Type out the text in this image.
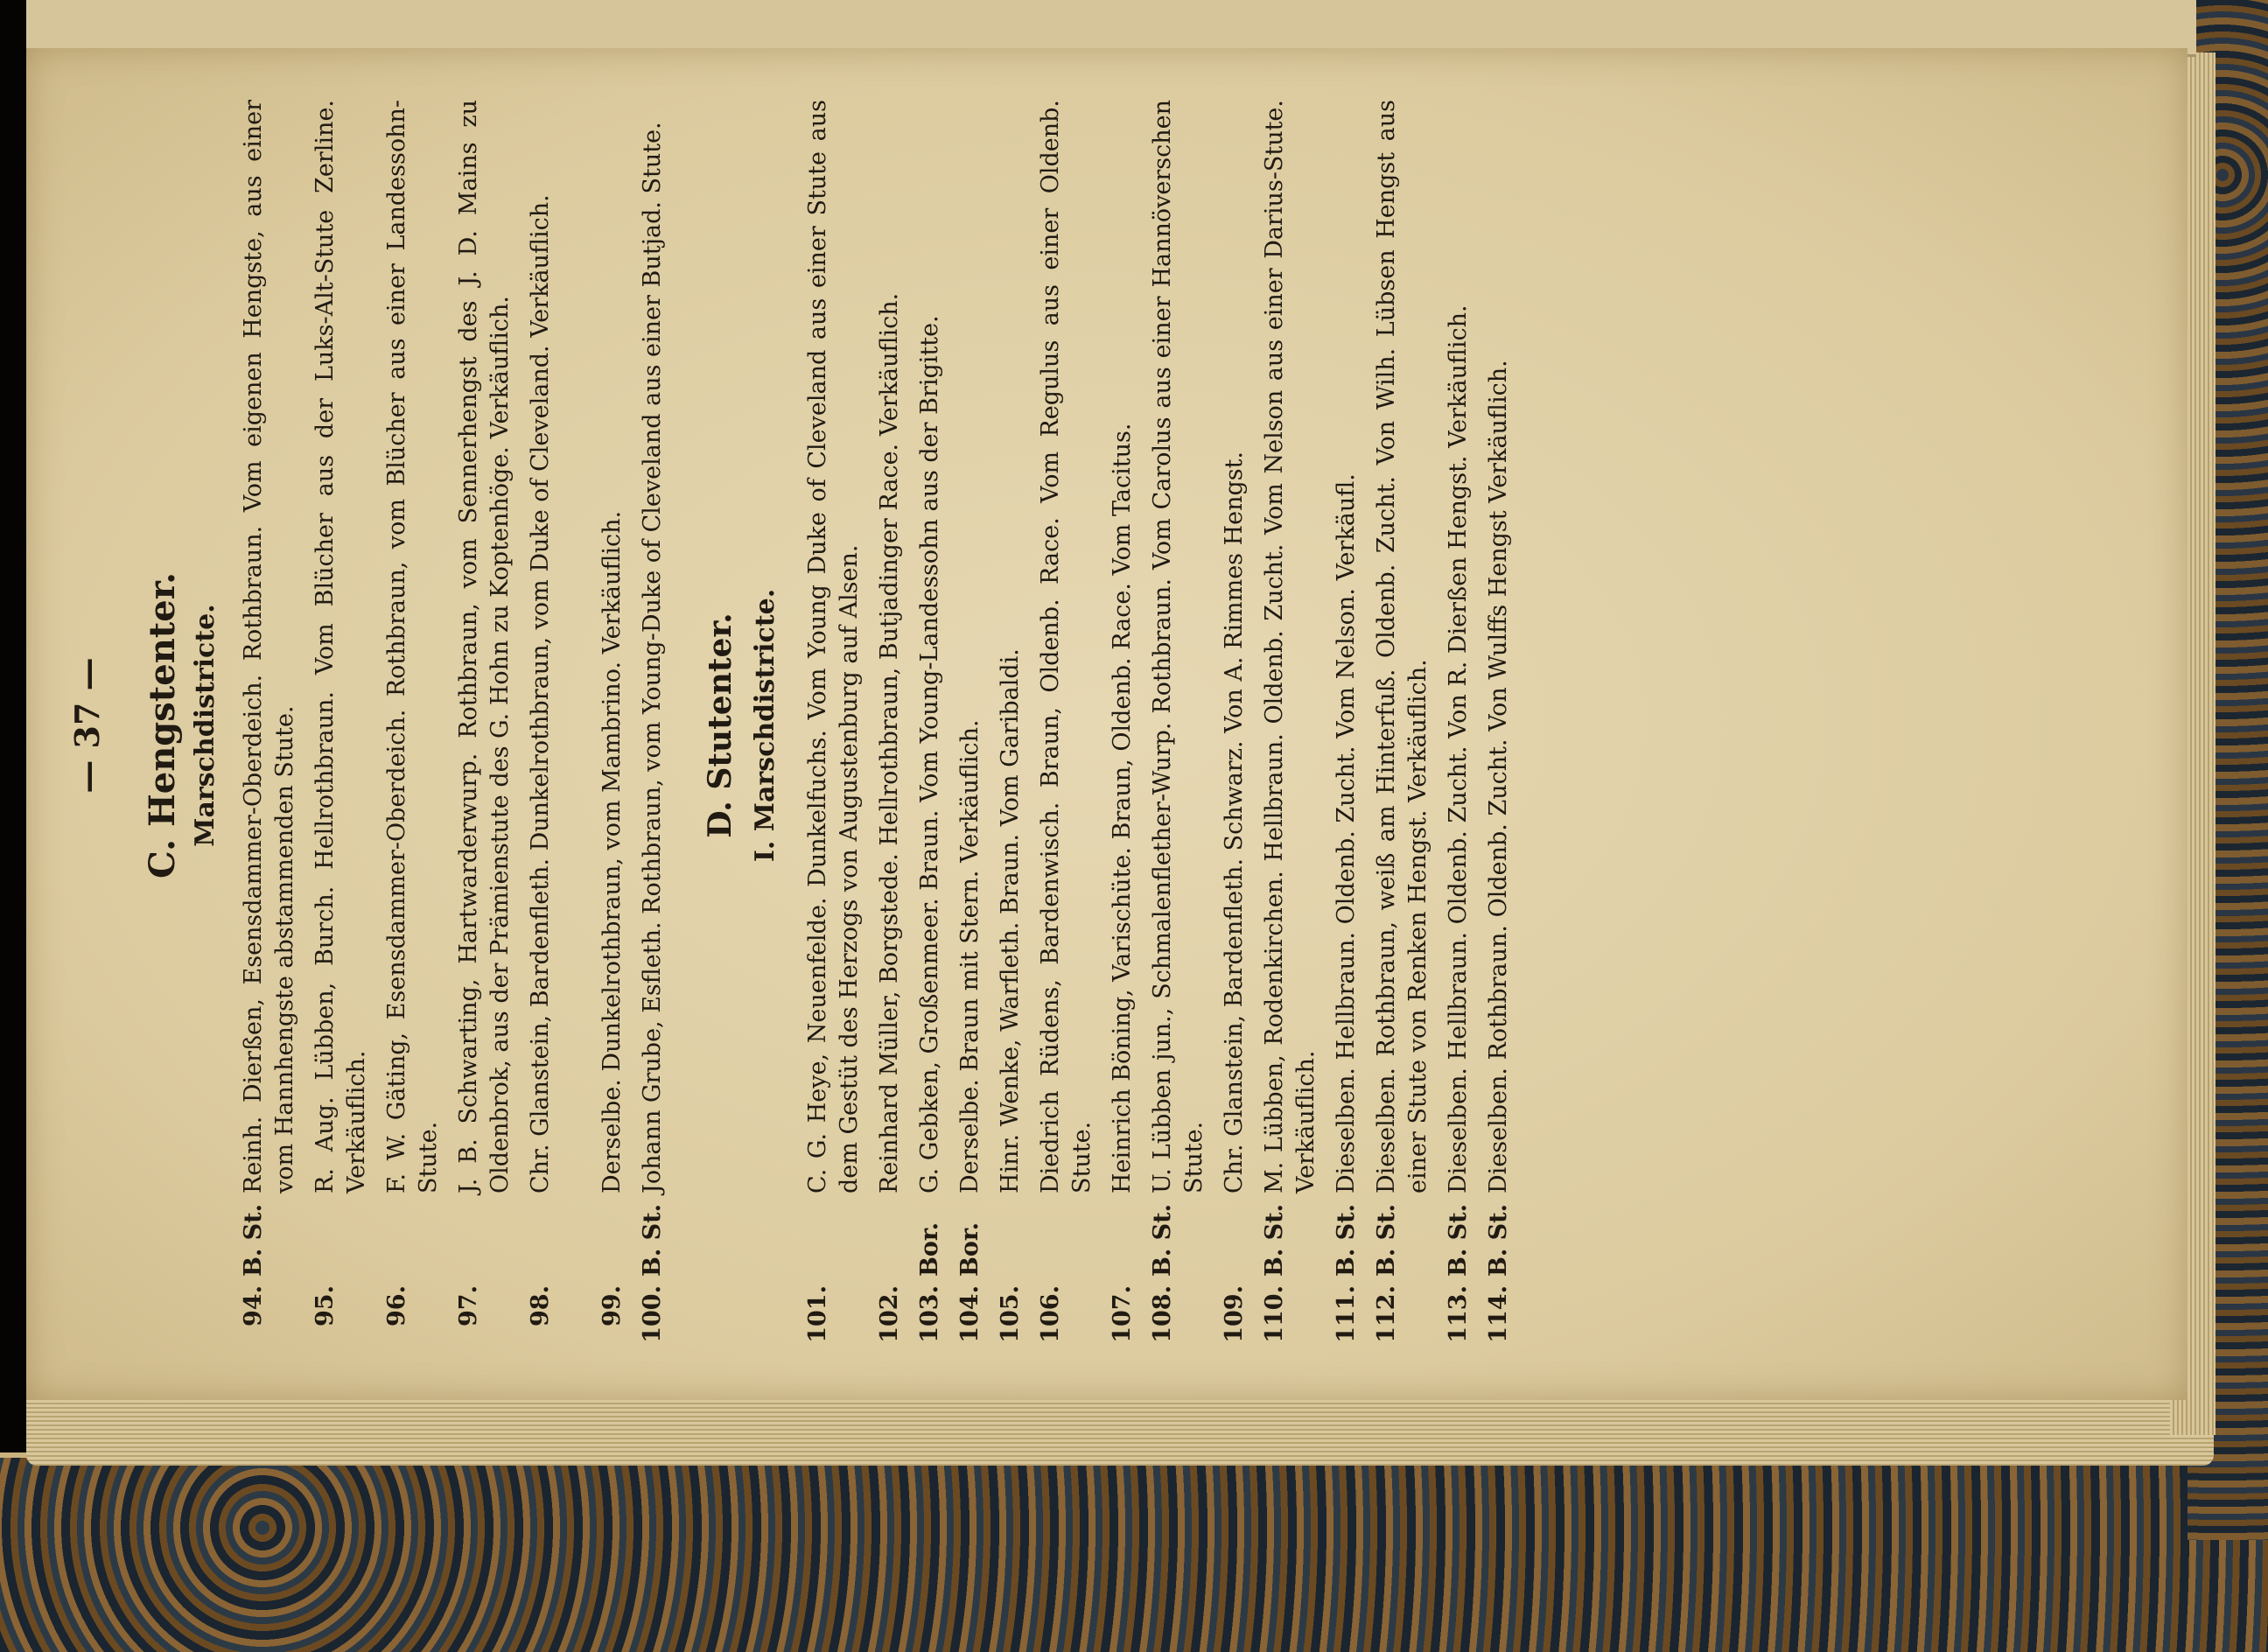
— 37 — C. Hengstenter. Marschdistricte.
94.
B. St.
Reinh. Dierßen, Esensdammer-Oberdeich. Rothbraun. Vom eigenen Hengste, aus einer vom Hannhengste abstammenden Stute.
95.
R. Aug. Lübben, Burch. Hellrothbraun. Vom Blücher aus der Luks-Alt-Stute Zerline. Verkäuflich.
96.
F. W. Gäting, Esensdammer-Oberdeich. Rothbraun, vom Blücher aus einer Landessohn-Stute.
97.
J. B. Schwarting, Hartwarderwurp. Rothbraun, vom Sennerhengst des J. D. Mains zu Oldenbrok, aus der Prämienstute des G. Hohn zu Koptenhöge. Verkäuflich.
98.
Chr. Glanstein, Bardenfleth. Dunkelrothbraun, vom Duke of Cleveland. Verkäuflich.
99.
Derselbe. Dunkelrothbraun, vom Mambrino. Verkäuflich.
100.
B. St.
Johann Grube, Esfleth. Rothbraun, vom Young-Duke of Cleveland aus einer Butjad. Stute. D. Stutenter. I. Marschdistricte.
101.
C. G. Heye, Neuenfelde. Dunkelfuchs. Vom Young Duke of Cleveland aus einer Stute aus dem Gestüt des Herzogs von Augustenburg auf Alsen.
102.
Reinhard Müller, Borgstede. Hellrothbraun, Butjadinger Race. Verkäuflich.
103.
Bor.
G. Gebken, Großenmeer. Braun. Vom Young-Landessohn aus der Brigitte.
104.
Bor.
Derselbe. Braun mit Stern. Verkäuflich.
105.
Hinr. Wenke, Warfleth. Braun. Vom Garibaldi.
106.
Diedrich Rüdens, Bardenwisch. Braun, Oldenb. Race. Vom Regulus aus einer Oldenb. Stute.
107.
Heinrich Böning, Varischüte. Braun, Oldenb. Race. Vom Tacitus.
108.
B. St.
U. Lübben jun., Schmalenflether-Wurp. Rothbraun. Vom Carolus aus einer Hannöverschen Stute.
109.
Chr. Glanstein, Bardenfleth. Schwarz. Von A. Rimmes Hengst.
110.
B. St.
M. Lübben, Rodenkirchen. Hellbraun. Oldenb. Zucht. Vom Nelson aus einer Darius-Stute. Verkäuflich.
111.
B. St.
Dieselben. Hellbraun. Oldenb. Zucht. Vom Nelson. Verkäufl.
112.
B. St.
Dieselben. Rothbraun, weiß am Hinterfuß. Oldenb. Zucht. Von Wilh. Lübsen Hengst aus einer Stute von Renken Hengst. Verkäuflich.
113.
B. St.
Dieselben. Hellbraun. Oldenb. Zucht. Von R. Dierßen Hengst. Verkäuflich.
114.
B. St.
Dieselben. Rothbraun. Oldenb. Zucht. Von Wulffs Hengst Verkäuflich.
